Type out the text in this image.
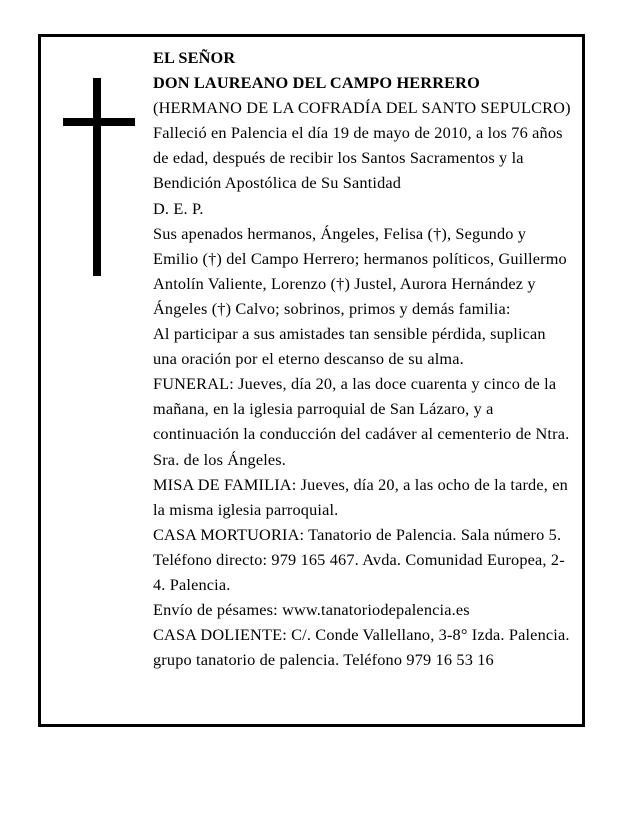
EL SEÑOR
DON LAUREANO DEL CAMPO HERRERO
(HERMANO DE LA COFRADÍA DEL SANTO SEPULCRO)
Falleció en Palencia el día 19 de mayo de 2010, a los 76 años de edad, después de recibir los Santos Sacramentos y la Bendición Apostólica de Su Santidad
D. E. P.
Sus apenados hermanos, Ángeles, Felisa (†), Segundo y Emilio (†) del Campo Herrero; hermanos políticos, Guillermo Antolín Valiente, Lorenzo (†) Justel, Aurora Hernández y Ángeles (†) Calvo; sobrinos, primos y demás familia:
Al participar a sus amistades tan sensible pérdida, suplican una oración por el eterno descanso de su alma.
FUNERAL: Jueves, día 20, a las doce cuarenta y cinco de la mañana, en la iglesia parroquial de San Lázaro, y a continuación la conducción del cadáver al cementerio de Ntra. Sra. de los Ángeles.
MISA DE FAMILIA: Jueves, día 20, a las ocho de la tarde, en la misma iglesia parroquial.
CASA MORTUORIA: Tanatorio de Palencia. Sala número 5. Teléfono directo: 979 165 467. Avda. Comunidad Europea, 2-4. Palencia.
Envío de pésames: www.tanatoriodepalencia.es
CASA DOLIENTE: C/. Conde Vallellano, 3-8° Izda. Palencia.
grupo tanatorio de palencia. Teléfono 979 16 53 16
